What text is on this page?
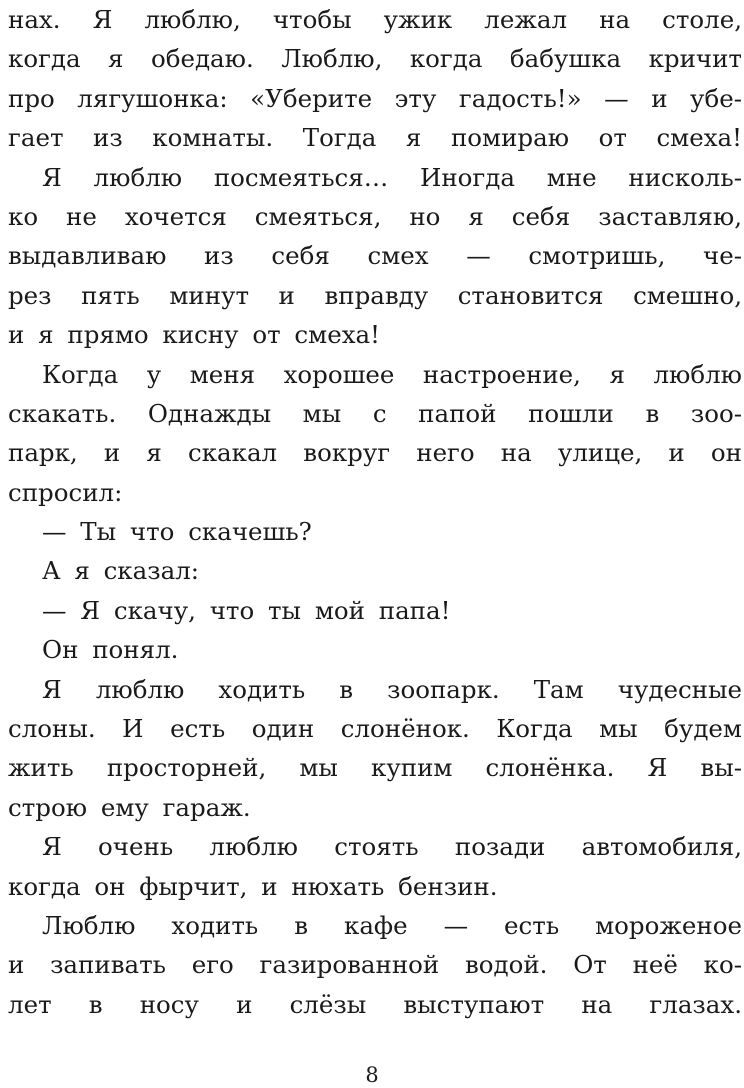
нах. Я люблю, чтобы ужик лежал на столе,
когда я обедаю. Люблю, когда бабушка кричит
про лягушонка: «Уберите эту гадость!» — и убе-
гает из комнаты. Тогда я помираю от смеха!
Я люблю посмеяться… Иногда мне нисколь-
ко не хочется смеяться, но я себя заставляю,
выдавливаю из себя смех — смотришь, че-
рез пять минут и вправду становится смешно,
и я прямо кисну от смеха!
Когда у меня хорошее настроение, я люблю
скакать. Однажды мы с папой пошли в зоо-
парк, и я скакал вокруг него на улице, и он
спросил:
— Ты что скачешь?
А я сказал:
— Я скачу, что ты мой папа!
Он понял.
Я люблю ходить в зоопарк. Там чудесные
слоны. И есть один слонёнок. Когда мы будем
жить просторней, мы купим слонёнка. Я вы-
строю ему гараж.
Я очень люблю стоять позади автомобиля,
когда он фырчит, и нюхать бензин.
Люблю ходить в кафе — есть мороженое
и запивать его газированной водой. От неё ко-
лет в носу и слёзы выступают на глазах.
8
